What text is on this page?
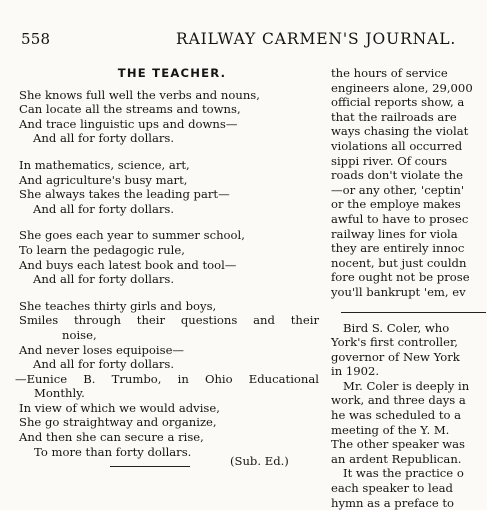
558	RAILWAY CARMEN'S JOURNAL.
THE TEACHER.
She knows full well the verbs and nouns,
Can locate all the streams and towns,
And trace linguistic ups and downs—
And all for forty dollars.
In mathematics, science, art,
And agriculture's busy mart,
She always takes the leading part—
And all for forty dollars.
She goes each year to summer school,
To learn the pedagogic rule,
And buys each latest book and tool—
And all for forty dollars.
She teaches thirty girls and boys,
Smiles through their questions and their
noise,
And never loses equipoise—
And all for forty dollars.
—Eunice B. Trumbo, in Ohio Educational
Monthly.
In view of which we would advise,
She go straightway and organize,
And then she can secure a rise,
To more than forty dollars.
(Sub. Ed.)
the hours of service
engineers alone, 29,000
official reports show, a
that the railroads are
ways chasing the violat
violations all occurred
sippi river. Of cours
roads don't violate the
—or any other, 'ceptin'
or the employe makes
awful to have to prosec
railway lines for viola
they are entirely innoc
nocent, but just couldn
fore ought not be prose
you'll bankrupt 'em, ev
Bird S. Coler, who
York's first controller,
governor of New York
in 1902.
Mr. Coler is deeply in
work, and three days a
he was scheduled to a
meeting of the Y. M.
The other speaker was
an ardent Republican.
It was the practice o
each speaker to lead
hymn as a preface to
